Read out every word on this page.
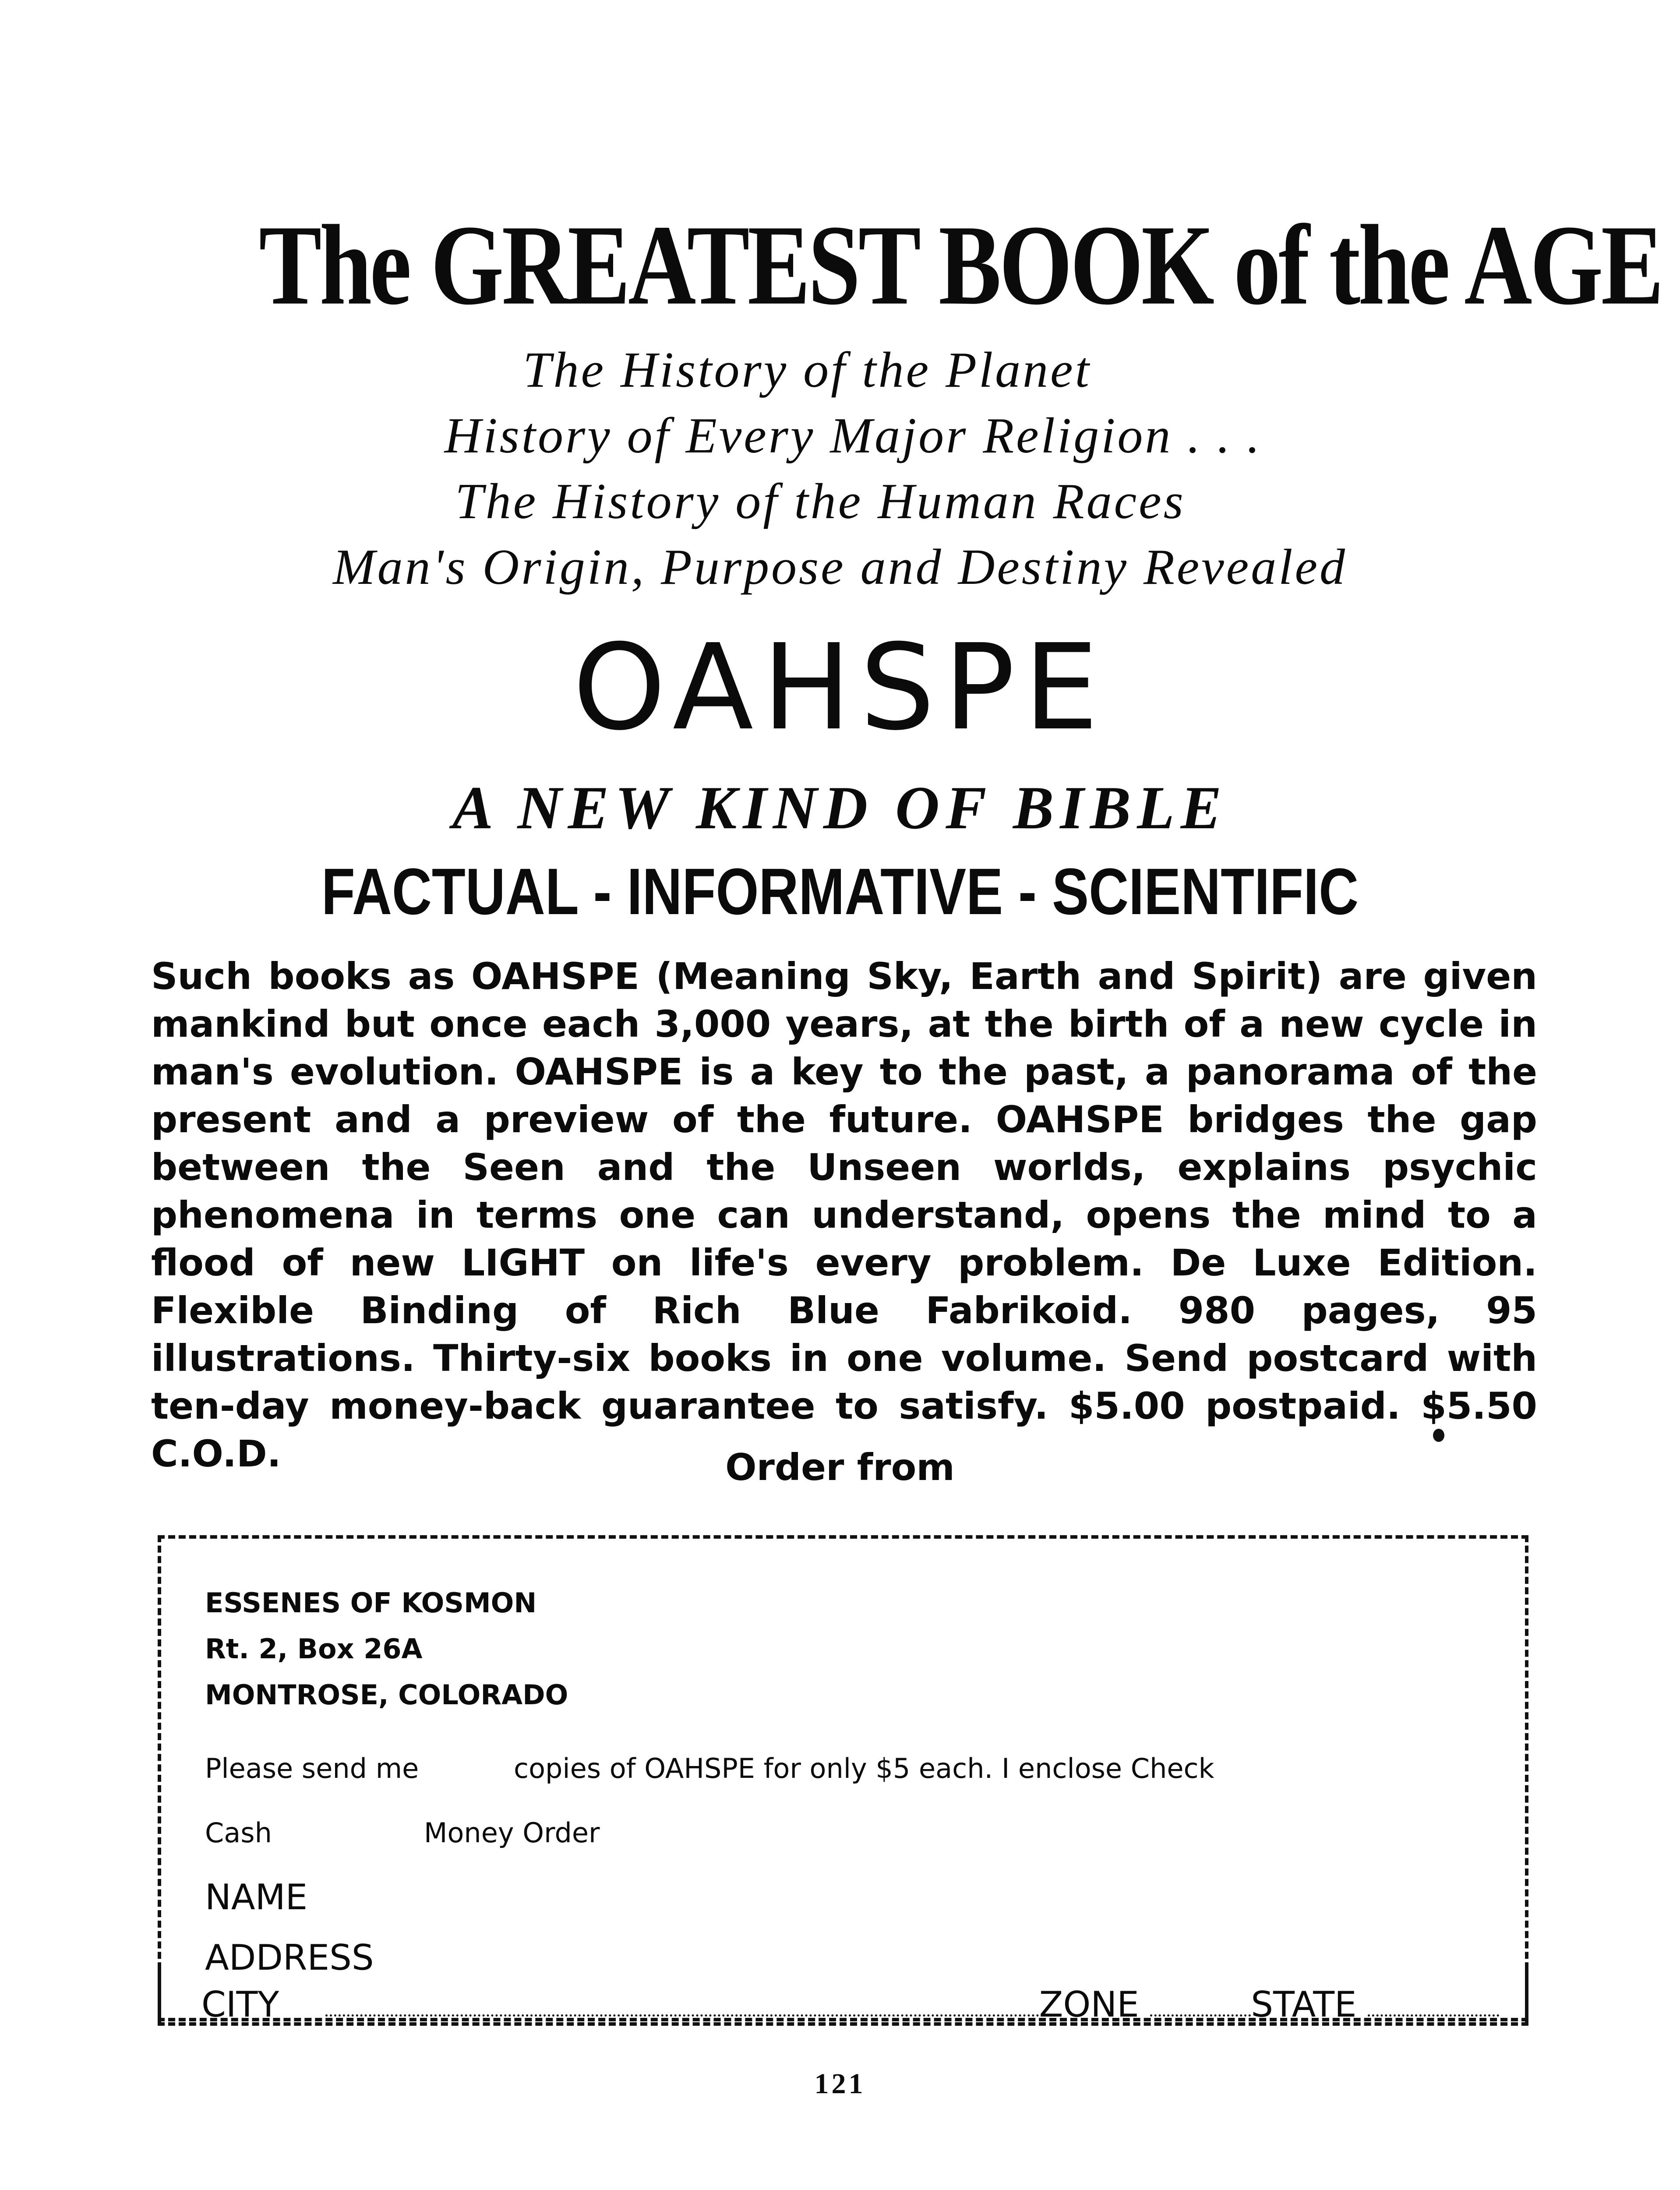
The GREATEST BOOK of the AGE
The History of the Planet
History of Every Major Religion . . .
The History of the Human Races
Man's Origin, Purpose and Destiny Revealed
OAHSPE
A NEW KIND OF BIBLE
FACTUAL - INFORMATIVE - SCIENTIFIC
Such books as OAHSPE (Meaning Sky, Earth and Spirit) are given mankind but once each 3,000 years, at the birth of a new cycle in man's evolution. OAHSPE is a key to the past, a panorama of the present and a preview of the future. OAHSPE bridges the gap between the Seen and the Unseen worlds, explains psychic phenomena in terms one can understand, opens the mind to a flood of new LIGHT on life's every problem. De Luxe Edition. Flexible Binding of Rich Blue Fabrikoid. 980 pages, 95 illustrations. Thirty-six books in one volume. Send postcard with ten-day money-back guarantee to satisfy. $5.00 postpaid. $5.50 C.O.D.	Order from
ESSENES OF KOSMON
Rt. 2, Box 26A
MONTROSE, COLORADO
Please send me	copies of OAHSPE for only $5 each. I enclose Check
Cash	Money Order
NAME
ADDRESS
CITY	ZONE	STATE
121
